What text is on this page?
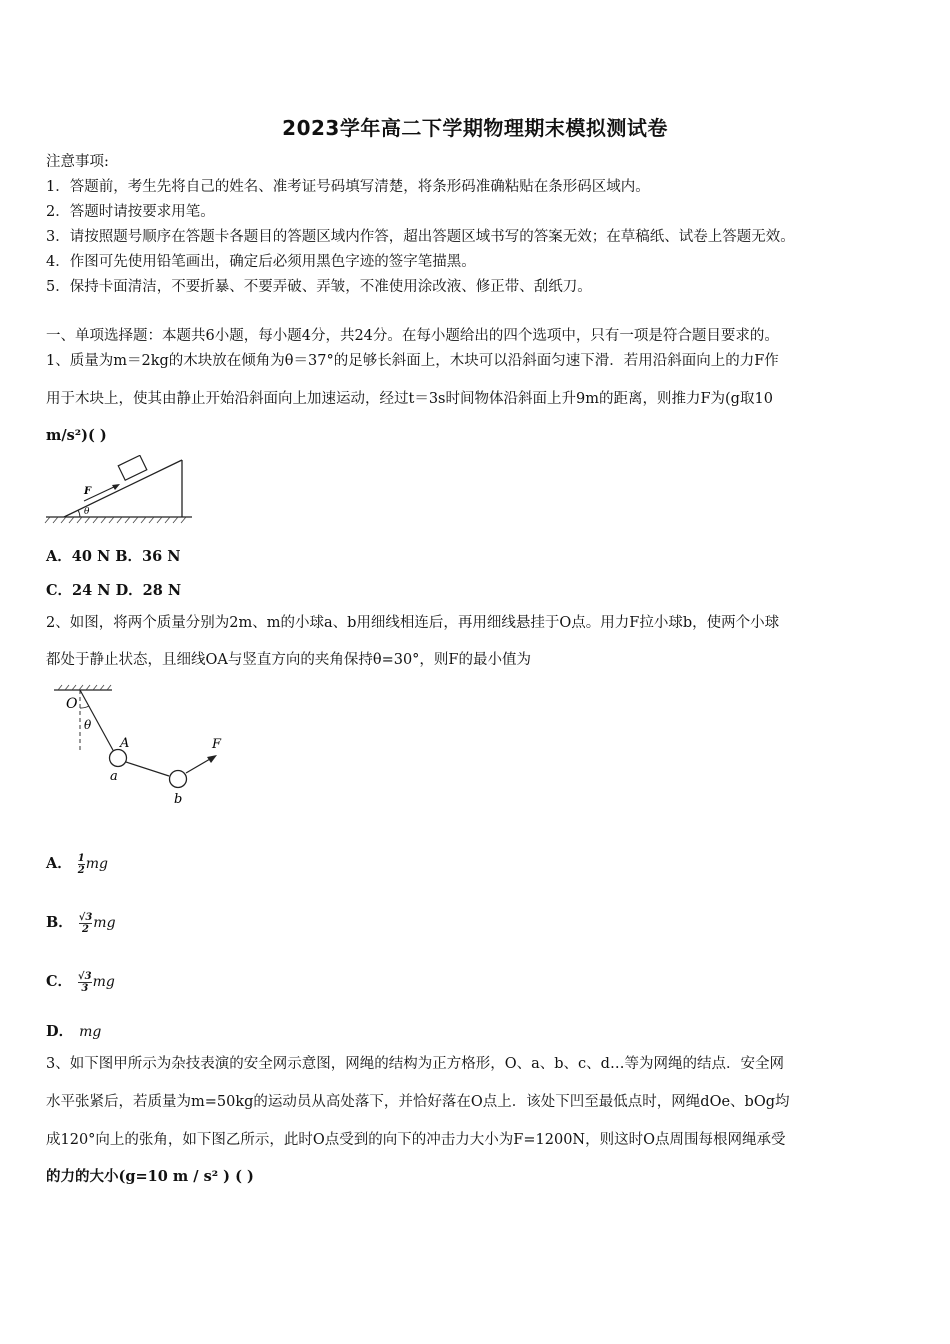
2023学年高二下学期物理期末模拟测试卷
注意事项:
1．答题前，考生先将自己的姓名、准考证号码填写清楚，将条形码准确粘贴在条形码区域内。
2．答题时请按要求用笔。
3．请按照题号顺序在答题卡各题目的答题区域内作答，超出答题区域书写的答案无效；在草稿纸、试卷上答题无效。
4．作图可先使用铅笔画出，确定后必须用黑色字迹的签字笔描黑。
5．保持卡面清洁，不要折暴、不要弄破、弄皱，不准使用涂改液、修正带、刮纸刀。
一、单项选择题：本题共6小题，每小题4分，共24分。在每小题给出的四个选项中，只有一项是符合题目要求的。
1、质量为m＝2kg的木块放在倾角为θ＝37°的足够长斜面上，木块可以沿斜面匀速下滑．若用沿斜面向上的力F作
用于木块上，使其由静止开始沿斜面向上加速运动，经过t＝3s时间物体沿斜面上升9m的距离，则推力F为(g取10
m/s²)( )
F
θ
A．40 N B．36 N
C．24 N D．28 N
2、如图，将两个质量分别为2m、m的小球a、b用细线相连后，再用细线悬挂于O点。用力F拉小球b，使两个小球
都处于静止状态，且细线OA与竖直方向的夹角保持θ=30°，则F的最小值为
O
θ
A
a
b
F
A． $\frac{1}{2}$ mg
B． $\frac{√3}{2}$ mg
C． $\frac{√3}{3}$ mg
D． mg
3、如下图甲所示为杂技表演的安全网示意图，网绳的结构为正方格形，O、a、b、c、d…等为网绳的结点．安全网
水平张紧后，若质量为m=50kg的运动员从高处落下，并恰好落在O点上．该处下凹至最低点时，网绳dOe、bOg均
成120°向上的张角，如下图乙所示，此时O点受到的向下的冲击力大小为F=1200N，则这时O点周围每根网绳承受
的力的大小(g=10 m / s² ) ( )
